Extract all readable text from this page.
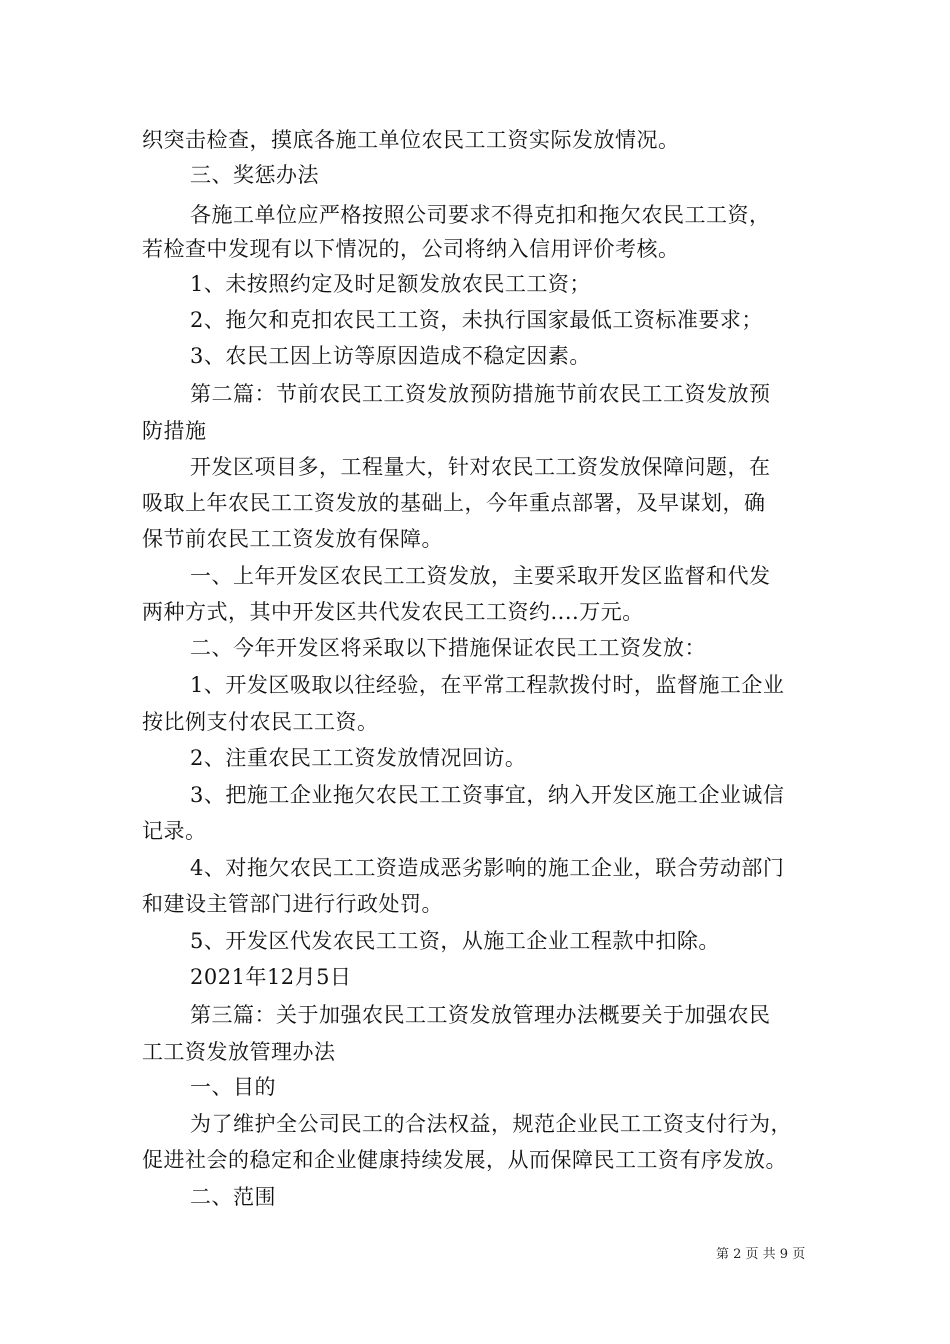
织突击检查，摸底各施工单位农民工工资实际发放情况。
三、奖惩办法
各施工单位应严格按照公司要求不得克扣和拖欠农民工工资，
若检查中发现有以下情况的，公司将纳入信用评价考核。
1、未按照约定及时足额发放农民工工资；
2、拖欠和克扣农民工工资，未执行国家最低工资标准要求；
3、农民工因上访等原因造成不稳定因素。
第二篇：节前农民工工资发放预防措施节前农民工工资发放预
防措施
开发区项目多，工程量大，针对农民工工资发放保障问题，在
吸取上年农民工工资发放的基础上，今年重点部署，及早谋划，确
保节前农民工工资发放有保障。
一、上年开发区农民工工资发放，主要采取开发区监督和代发
两种方式，其中开发区共代发农民工工资约....万元。
二、今年开发区将采取以下措施保证农民工工资发放：
1、开发区吸取以往经验，在平常工程款拨付时，监督施工企业
按比例支付农民工工资。
2、注重农民工工资发放情况回访。
3、把施工企业拖欠农民工工资事宜，纳入开发区施工企业诚信
记录。
4、对拖欠农民工工资造成恶劣影响的施工企业，联合劳动部门
和建设主管部门进行行政处罚。
5、开发区代发农民工工资，从施工企业工程款中扣除。
2021年12月5日
第三篇：关于加强农民工工资发放管理办法概要关于加强农民
工工资发放管理办法
一、目的
为了维护全公司民工的合法权益，规范企业民工工资支付行为，
促进社会的稳定和企业健康持续发展，从而保障民工工资有序发放。
二、范围
第 2 页 共 9 页
